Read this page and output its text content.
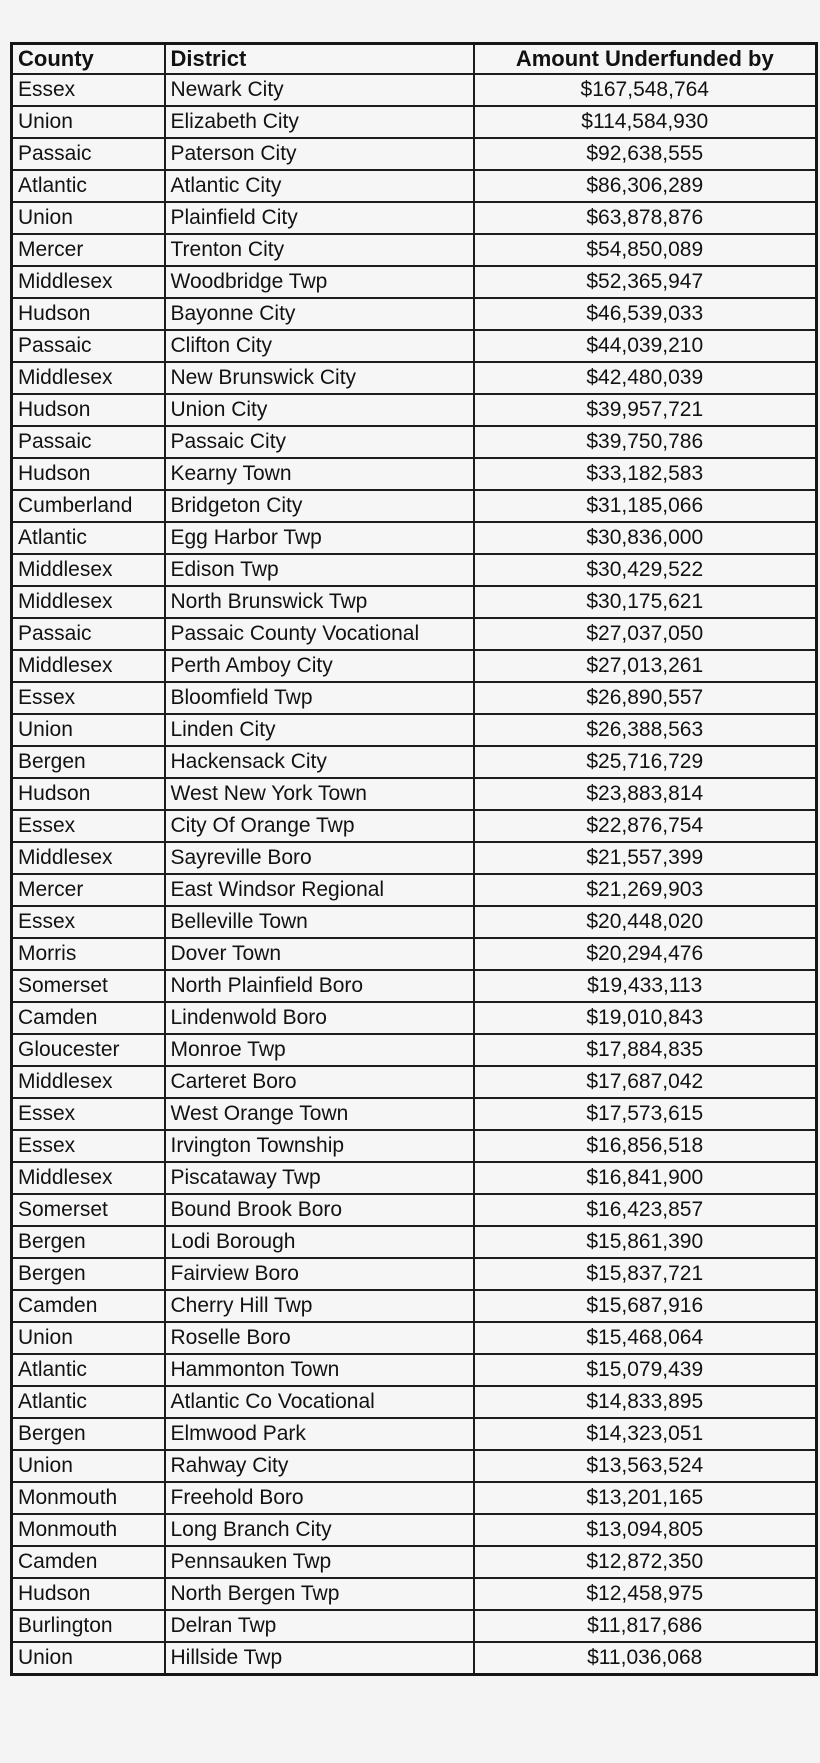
County	District	Amount Underfunded by
Essex	Newark City	$167,548,764
Union	Elizabeth City	$114,584,930
Passaic	Paterson City	$92,638,555
Atlantic	Atlantic City	$86,306,289
Union	Plainfield City	$63,878,876
Mercer	Trenton City	$54,850,089
Middlesex	Woodbridge Twp	$52,365,947
Hudson	Bayonne City	$46,539,033
Passaic	Clifton City	$44,039,210
Middlesex	New Brunswick City	$42,480,039
Hudson	Union City	$39,957,721
Passaic	Passaic City	$39,750,786
Hudson	Kearny Town	$33,182,583
Cumberland	Bridgeton City	$31,185,066
Atlantic	Egg Harbor Twp	$30,836,000
Middlesex	Edison Twp	$30,429,522
Middlesex	North Brunswick Twp	$30,175,621
Passaic	Passaic County Vocational	$27,037,050
Middlesex	Perth Amboy City	$27,013,261
Essex	Bloomfield Twp	$26,890,557
Union	Linden City	$26,388,563
Bergen	Hackensack City	$25,716,729
Hudson	West New York Town	$23,883,814
Essex	City Of Orange Twp	$22,876,754
Middlesex	Sayreville Boro	$21,557,399
Mercer	East Windsor Regional	$21,269,903
Essex	Belleville Town	$20,448,020
Morris	Dover Town	$20,294,476
Somerset	North Plainfield Boro	$19,433,113
Camden	Lindenwold Boro	$19,010,843
Gloucester	Monroe Twp	$17,884,835
Middlesex	Carteret Boro	$17,687,042
Essex	West Orange Town	$17,573,615
Essex	Irvington Township	$16,856,518
Middlesex	Piscataway Twp	$16,841,900
Somerset	Bound Brook Boro	$16,423,857
Bergen	Lodi Borough	$15,861,390
Bergen	Fairview Boro	$15,837,721
Camden	Cherry Hill Twp	$15,687,916
Union	Roselle Boro	$15,468,064
Atlantic	Hammonton Town	$15,079,439
Atlantic	Atlantic Co Vocational	$14,833,895
Bergen	Elmwood Park	$14,323,051
Union	Rahway City	$13,563,524
Monmouth	Freehold Boro	$13,201,165
Monmouth	Long Branch City	$13,094,805
Camden	Pennsauken Twp	$12,872,350
Hudson	North Bergen Twp	$12,458,975
Burlington	Delran Twp	$11,817,686
Union	Hillside Twp	$11,036,068
